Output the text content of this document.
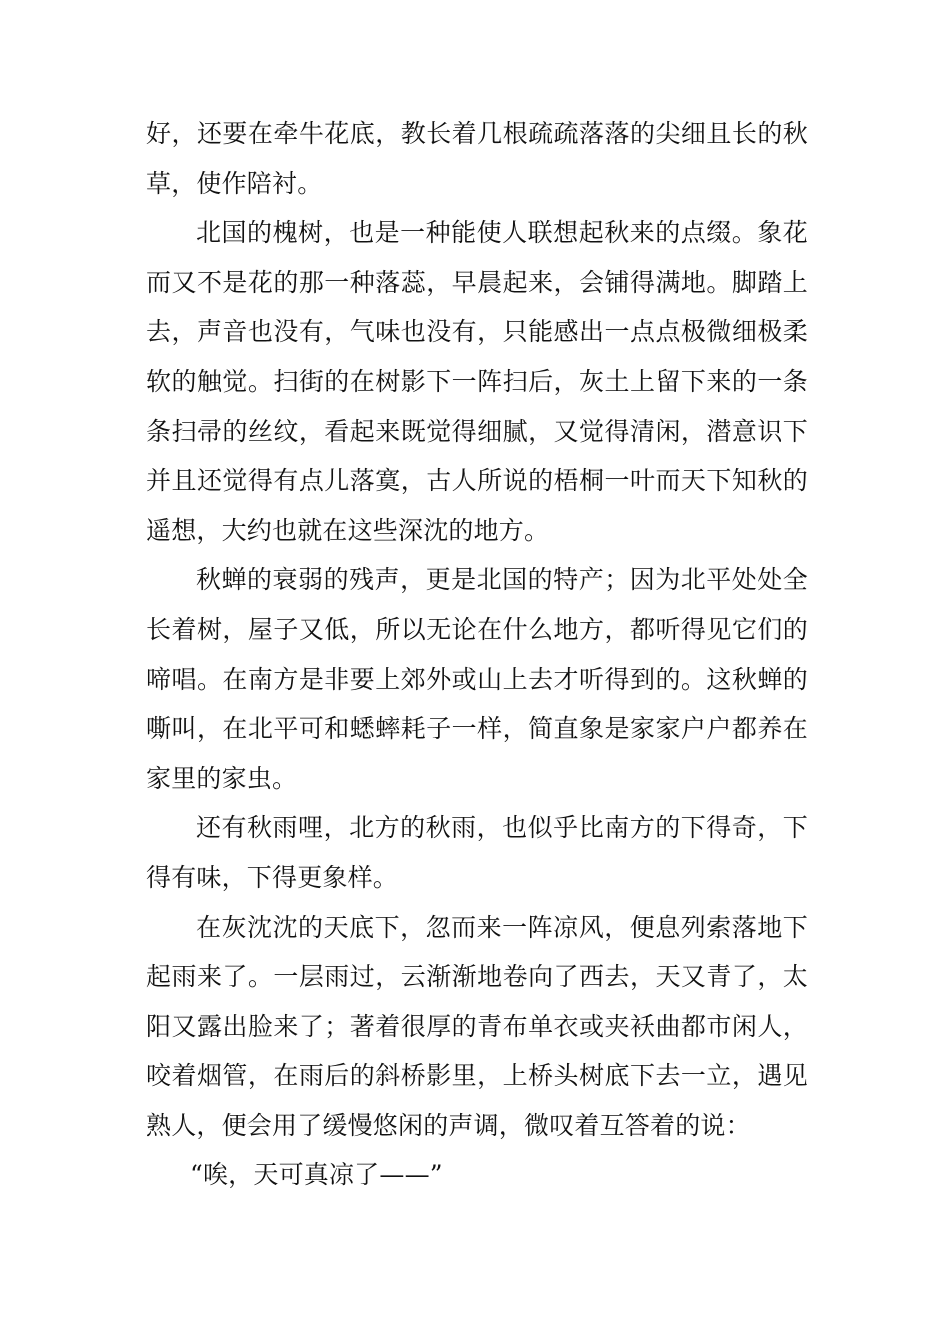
好，还要在牵牛花底，教长着几根疏疏落落的尖细且长的秋草，使作陪衬。

北国的槐树，也是一种能使人联想起秋来的点缀。象花而又不是花的那一种落蕊，早晨起来，会铺得满地。脚踏上去，声音也没有，气味也没有，只能感出一点点极微细极柔软的触觉。扫街的在树影下一阵扫后，灰土上留下来的一条条扫帚的丝纹，看起来既觉得细腻，又觉得清闲，潜意识下并且还觉得有点儿落寞，古人所说的梧桐一叶而天下知秋的遥想，大约也就在这些深沈的地方。

秋蝉的衰弱的残声，更是北国的特产；因为北平处处全长着树，屋子又低，所以无论在什么地方，都听得见它们的啼唱。在南方是非要上郊外或山上去才听得到的。这秋蝉的嘶叫，在北平可和蟋蟀耗子一样，简直象是家家户户都养在家里的家虫。

还有秋雨哩，北方的秋雨，也似乎比南方的下得奇，下得有味，下得更象样。

在灰沈沈的天底下，忽而来一阵凉风，便息列索落地下起雨来了。一层雨过，云渐渐地卷向了西去，天又青了，太阳又露出脸来了；著着很厚的青布单衣或夹袄曲都市闲人，咬着烟管，在雨后的斜桥影里，上桥头树底下去一立，遇见熟人，便会用了缓慢悠闲的声调，微叹着互答着的说：

“唉，天可真凉了——”
